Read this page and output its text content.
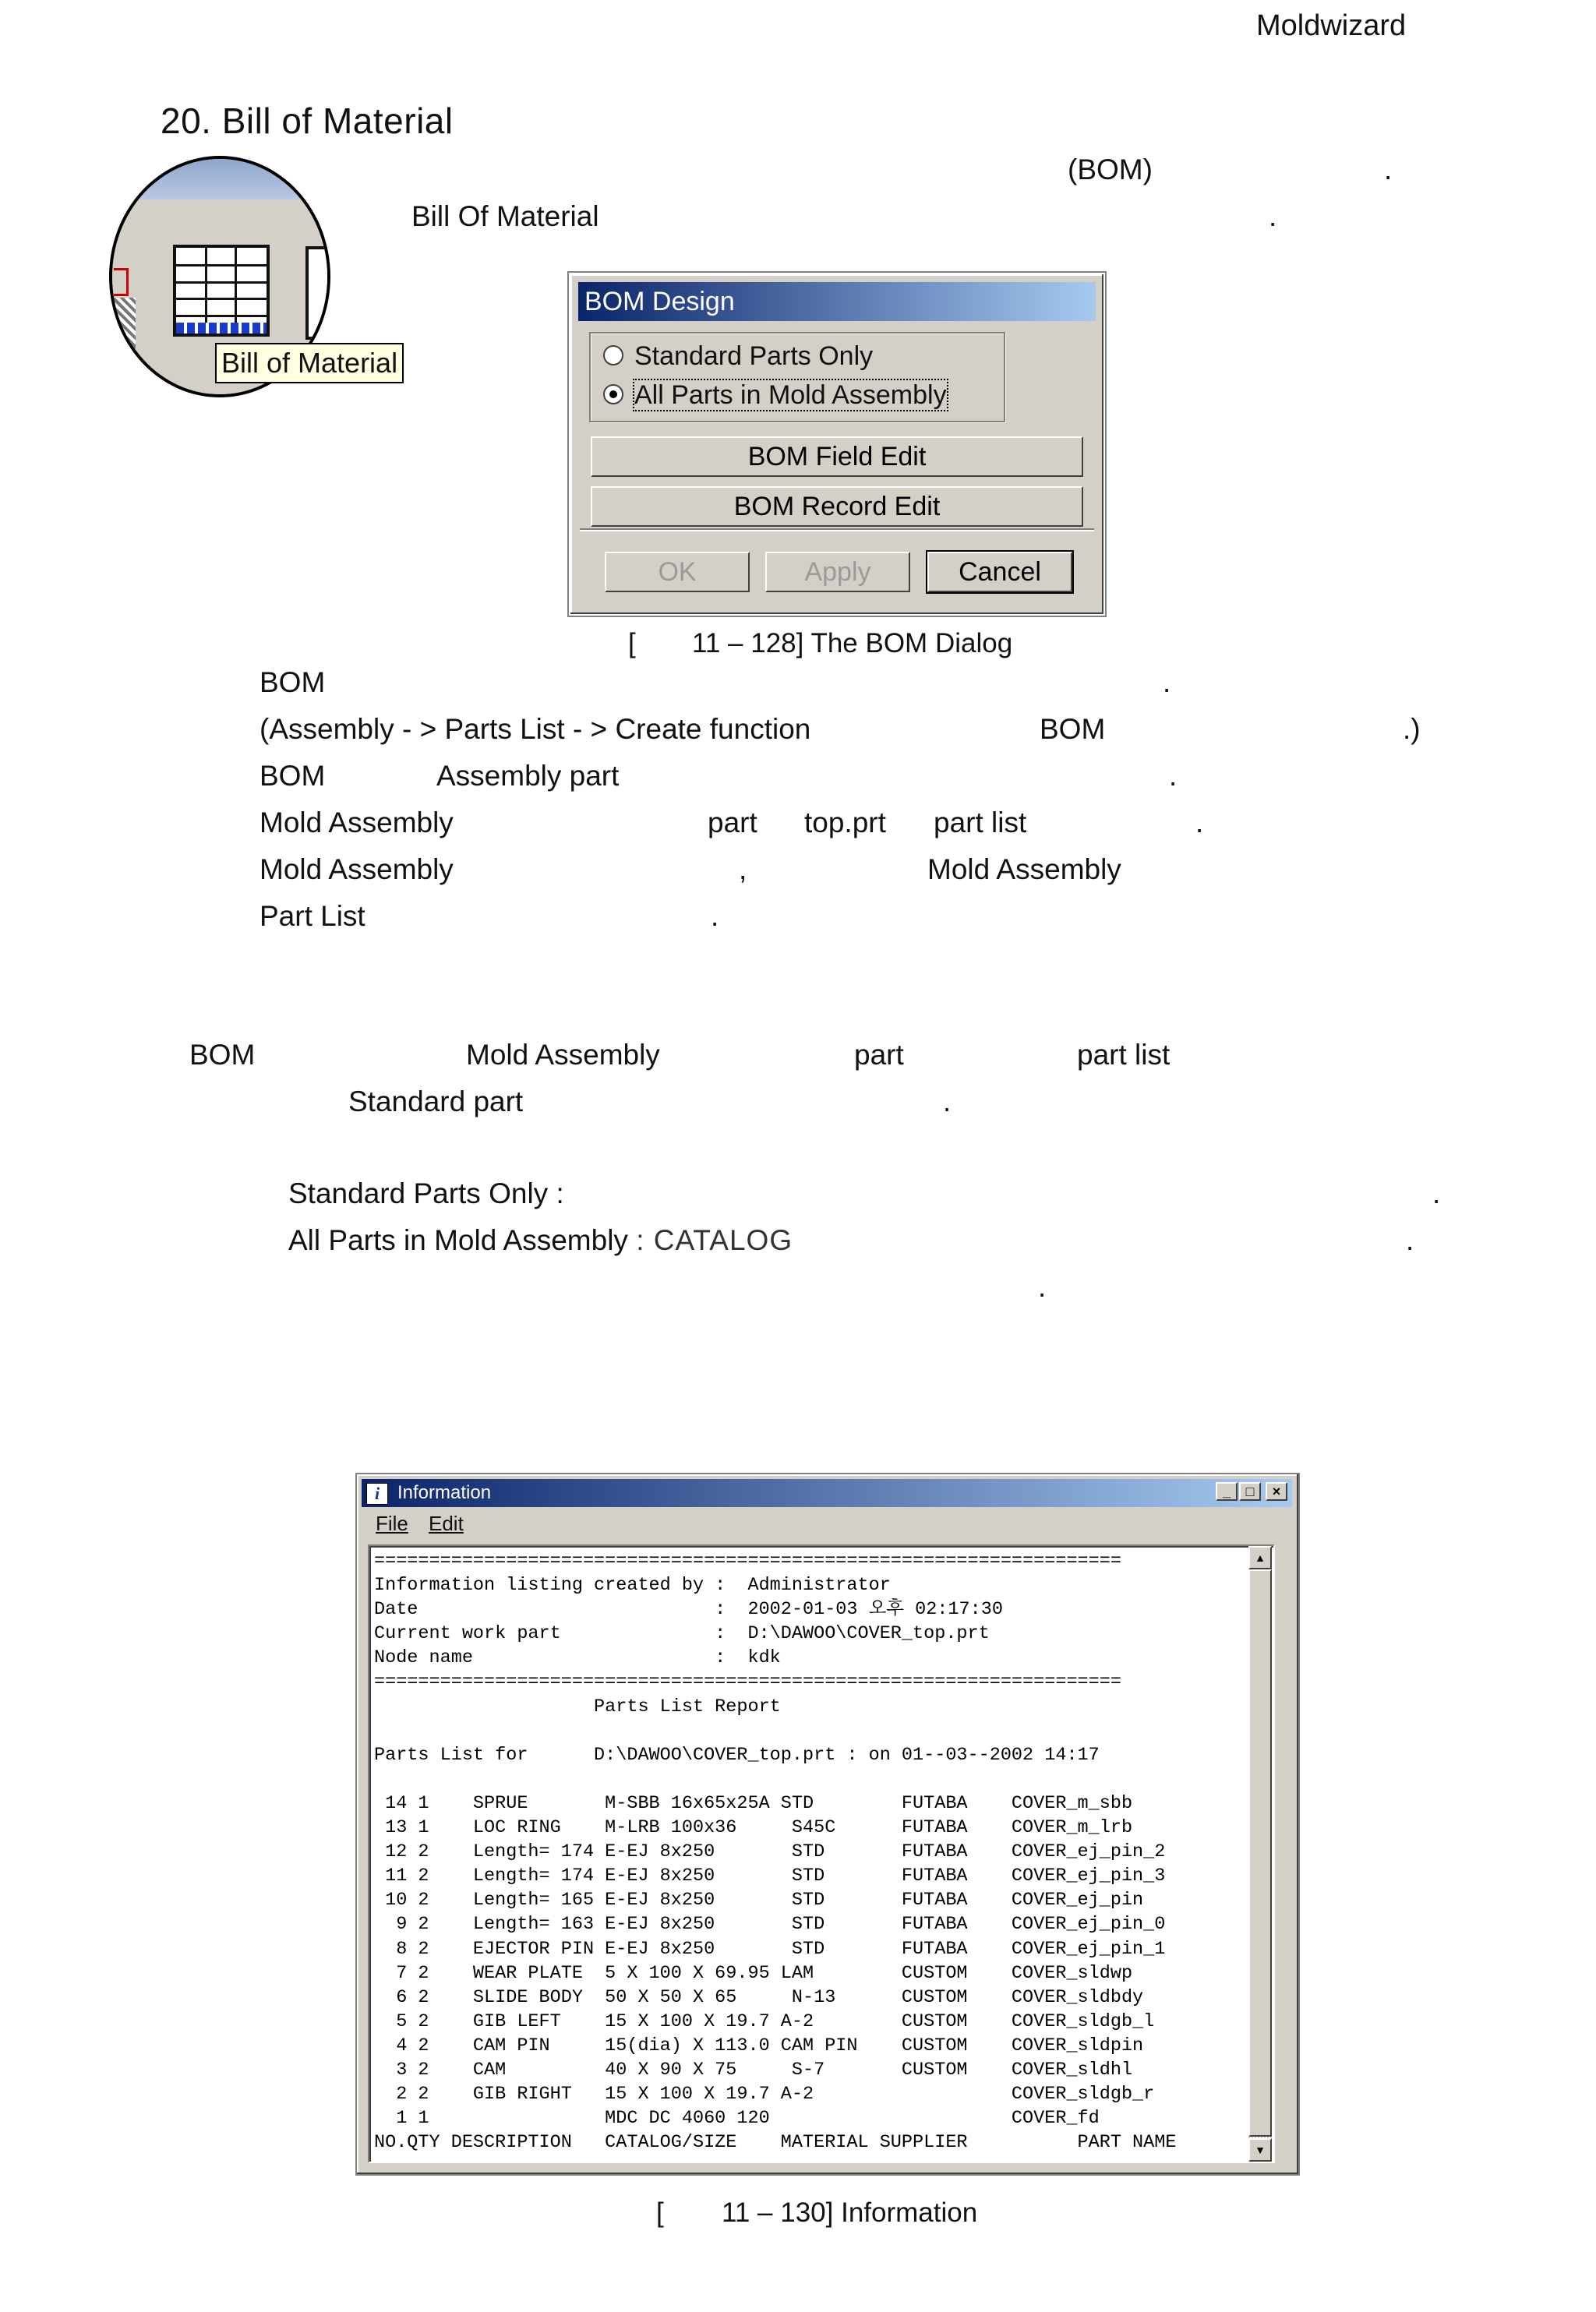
Moldwizard
20. Bill of Material
(BOM)	.
Bill Of Material	.
Bill of Material
BOM Design
Standard Parts Only
All Parts in Mold Assembly
BOM Field Edit
BOM Record Edit
OK	Apply	Cancel
[ 11 – 128] The BOM Dialog
BOM	.
(Assembly - > Parts List - > Create function	BOM	.)
BOM	Assembly part	.
Mold Assembly	part top.prt part list	.
Mold Assembly	,	Mold Assembly
Part List	.
BOM	Mold Assembly	part	part list
Standard part	.
Standard Parts Only :	.
All Parts in Mold Assembly : CATALOG	.
.
i Information	_	□	×
File Edit
====================================================================
Information listing created by :  Administrator
Date                           :  2002-01-03 오후 02:17:30
Current work part              :  D:\DAWOO\COVER_top.prt
Node name                      :  kdk
====================================================================
Parts List Report

Parts List for      D:\DAWOO\COVER_top.prt : on 01--03--2002 14:17

14 1    SPRUE       M-SBB 16x65x25A STD        FUTABA    COVER_m_sbb
13 1    LOC RING    M-LRB 100x36     S45C      FUTABA    COVER_m_lrb
12 2    Length= 174 E-EJ 8x250       STD       FUTABA    COVER_ej_pin_2
11 2    Length= 174 E-EJ 8x250       STD       FUTABA    COVER_ej_pin_3
10 2    Length= 165 E-EJ 8x250       STD       FUTABA    COVER_ej_pin
9 2    Length= 163 E-EJ 8x250       STD       FUTABA    COVER_ej_pin_0
8 2    EJECTOR PIN E-EJ 8x250       STD       FUTABA    COVER_ej_pin_1
7 2    WEAR PLATE  5 X 100 X 69.95 LAM        CUSTOM    COVER_sldwp
6 2    SLIDE BODY  50 X 50 X 65     N-13      CUSTOM    COVER_sldbdy
5 2    GIB LEFT    15 X 100 X 19.7 A-2        CUSTOM    COVER_sldgb_l
4 2    CAM PIN     15(dia) X 113.0 CAM PIN    CUSTOM    COVER_sldpin
3 2    CAM         40 X 90 X 75     S-7       CUSTOM    COVER_sldhl
2 2    GIB RIGHT   15 X 100 X 19.7 A-2                  COVER_sldgb_r
1 1                MDC DC 4060 120                      COVER_fd
NO.QTY DESCRIPTION   CATALOG/SIZE    MATERIAL SUPPLIER          PART NAME
▲
▼
[ 11 – 130] Information
